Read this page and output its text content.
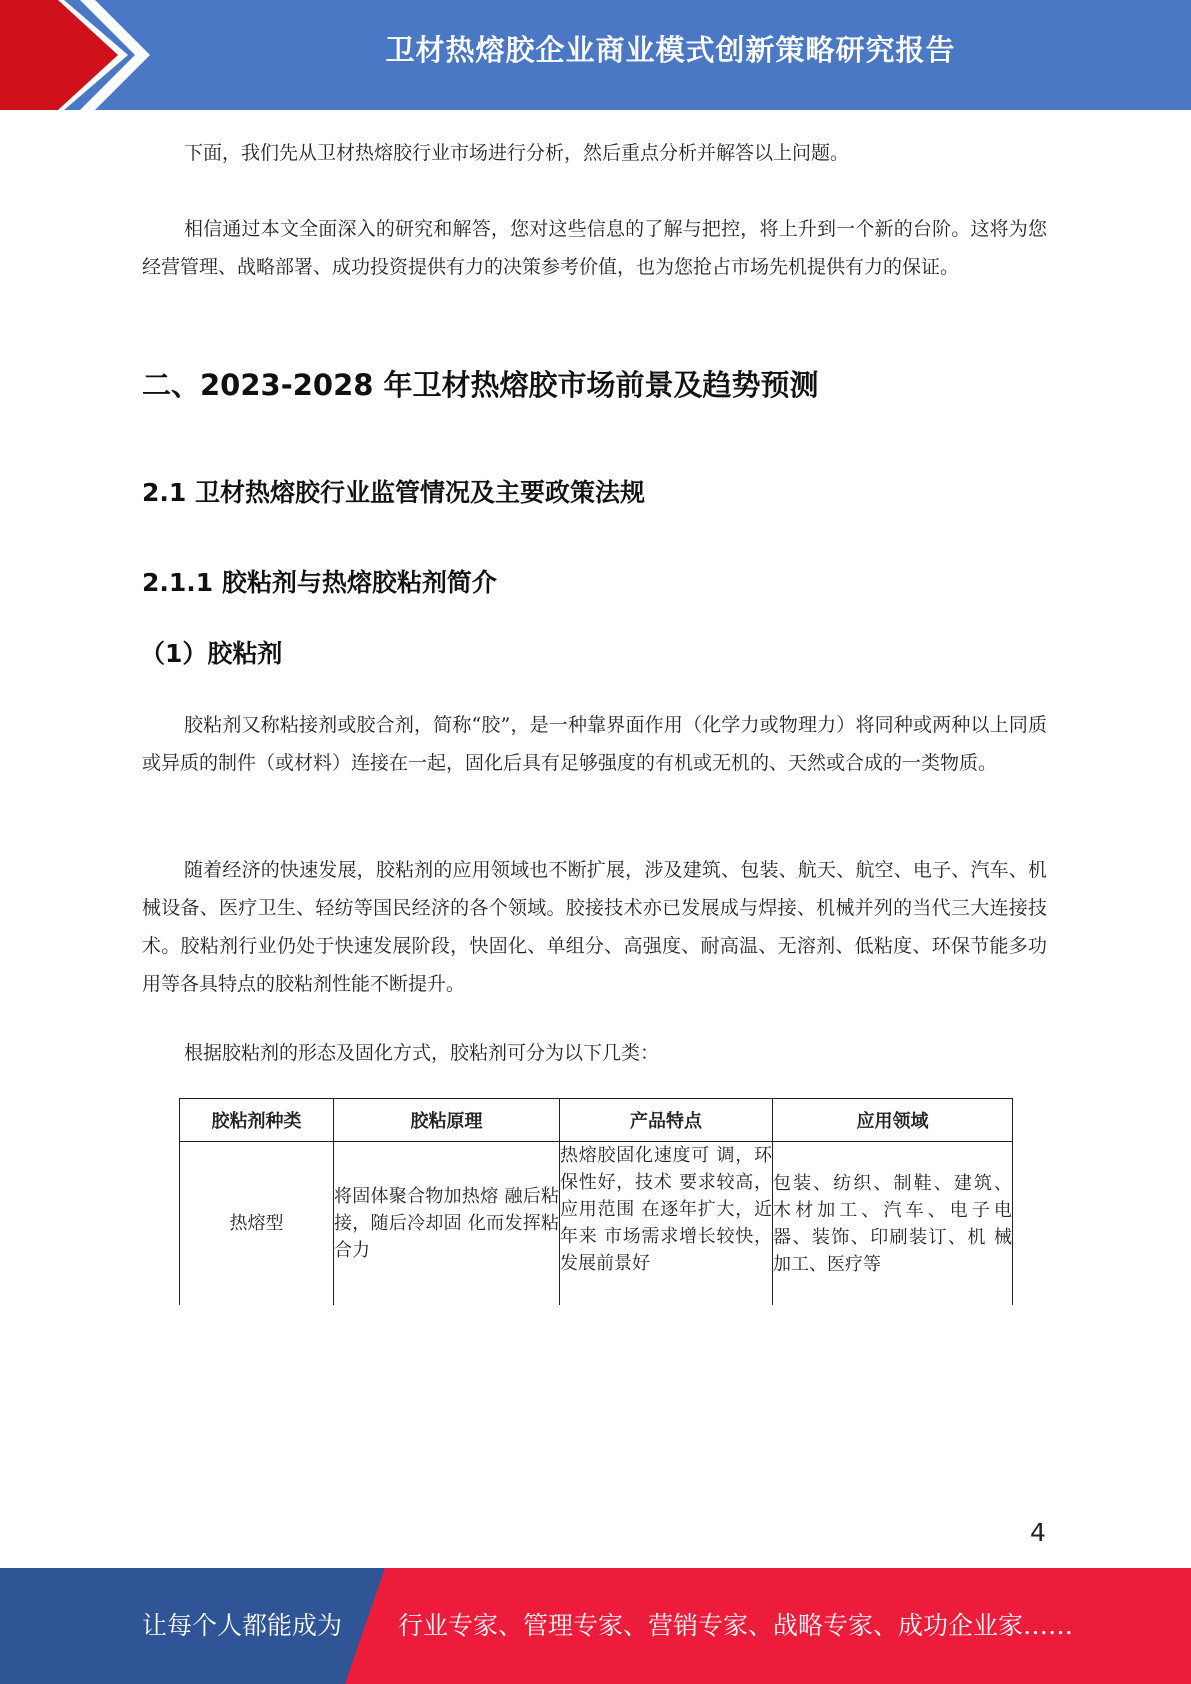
卫材热熔胶企业商业模式创新策略研究报告

下面，我们先从卫材热熔胶行业市场进行分析，然后重点分析并解答以上问题。

相信通过本文全面深入的研究和解答，您对这些信息的了解与把控，将上升到一个新的台阶。这将为您经营管理、战略部署、成功投资提供有力的决策参考价值，也为您抢占市场先机提供有力的保证。

二、2023-2028 年卫材热熔胶市场前景及趋势预测
2.1 卫材热熔胶行业监管情况及主要政策法规
2.1.1 胶粘剂与热熔胶粘剂简介
（1）胶粘剂

胶粘剂又称粘接剂或胶合剂，简称“胶”，是一种靠界面作用（化学力或物理力）将同种或两种以上同质或异质的制件（或材料）连接在一起，固化后具有足够强度的有机或无机的、天然或合成的一类物质。

随着经济的快速发展，胶粘剂的应用领域也不断扩展，涉及建筑、包装、航天、航空、电子、汽车、机械设备、医疗卫生、轻纺等国民经济的各个领域。胶接技术亦已发展成与焊接、机械并列的当代三大连接技术。胶粘剂行业仍处于快速发展阶段，快固化、单组分、高强度、耐高温、无溶剂、低粘度、环保节能多功用等各具特点的胶粘剂性能不断提升。

根据胶粘剂的形态及固化方式，胶粘剂可分为以下几类：

胶粘剂种类	胶粘原理	产品特点	应用领域
热熔型	将固体聚合物加热熔 融后粘接，随后冷却固 化而发挥粘合力	热熔胶固化速度可 调，环保性好，技术 要求较高，应用范围 在逐年扩大，近年来 市场需求增长较快， 发展前景好	包装、纺织、制鞋、建筑、 木材加工、汽车、电子电 器、装饰、印刷装订、机 械加工、医疗等
4
让每个人都能成为 行业专家、管理专家、营销专家、战略专家、成功企业家……
